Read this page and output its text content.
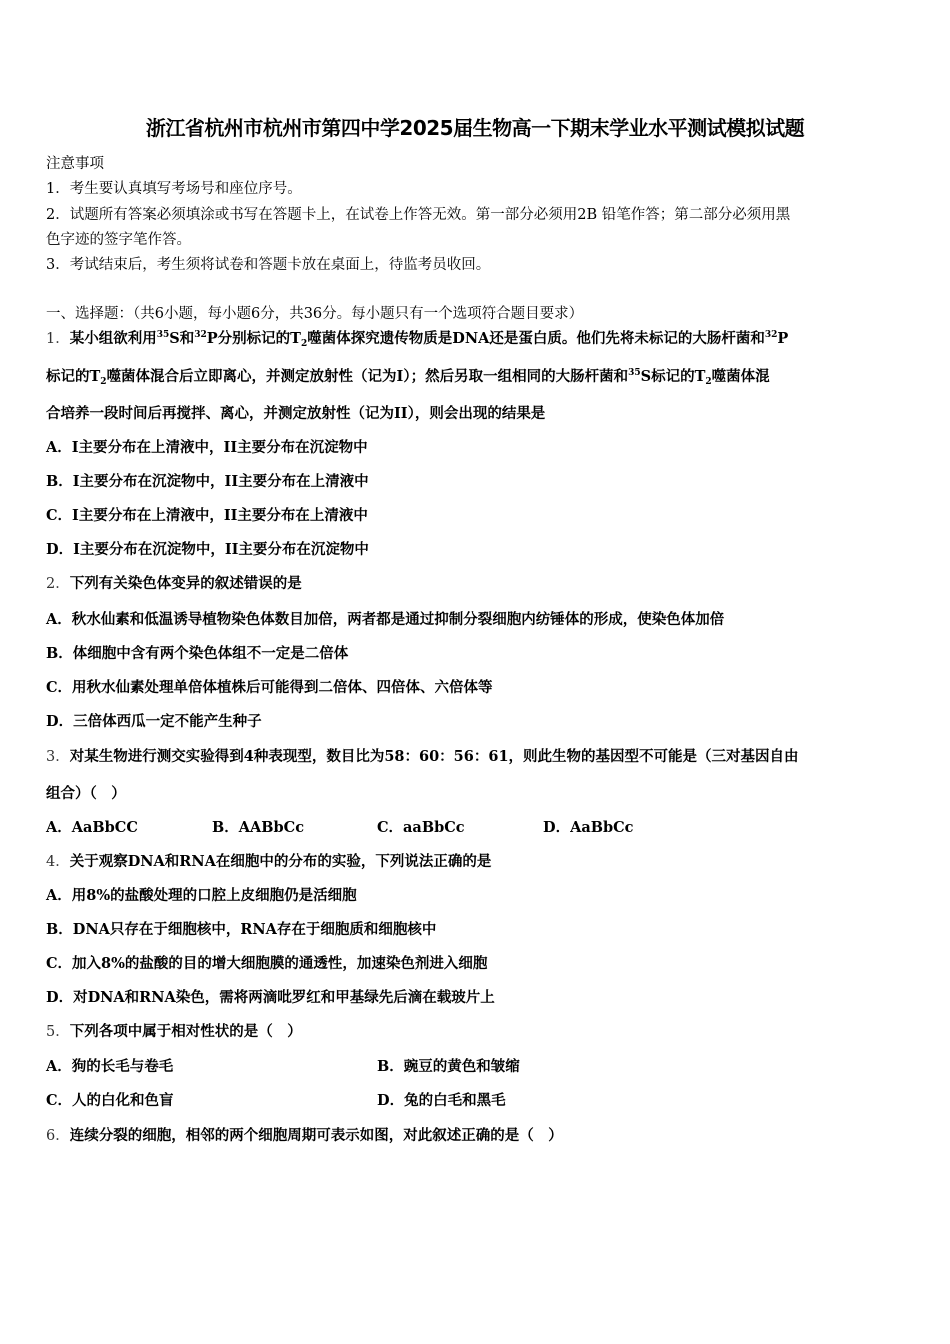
浙江省杭州市杭州市第四中学2025届生物高一下期末学业水平测试模拟试题
注意事项
1．考生要认真填写考场号和座位序号。
2．试题所有答案必须填涂或书写在答题卡上，在试卷上作答无效。第一部分必须用2B 铅笔作答；第二部分必须用黑
色字迹的签字笔作答。
3．考试结束后，考生须将试卷和答题卡放在桌面上，待监考员收回。
一、选择题：（共6小题，每小题6分，共36分。每小题只有一个选项符合题目要求）
1．某小组欲利用$^{35}$S和$^{32}$P分别标记的$T_2$噬菌体探究遗传物质是DNA还是蛋白质。他们先将未标记的大肠杆菌和$^{32}$P
标记的$T_2$噬菌体混合后立即离心，并测定放射性（记为I）；然后另取一组相同的大肠杆菌和$^{35}$S标记的$T_2$噬菌体混
合培养一段时间后再搅拌、离心，并测定放射性（记为II），则会出现的结果是
A．I主要分布在上清液中，II主要分布在沉淀物中
B．I主要分布在沉淀物中，II主要分布在上清液中
C．I主要分布在上清液中，II主要分布在上清液中
D．I主要分布在沉淀物中，II主要分布在沉淀物中
2．下列有关染色体变异的叙述错误的是
A．秋水仙素和低温诱导植物染色体数目加倍，两者都是通过抑制分裂细胞内纺锤体的形成，使染色体加倍
B．体细胞中含有两个染色体组不一定是二倍体
C．用秋水仙素处理单倍体植株后可能得到二倍体、四倍体、六倍体等
D．三倍体西瓜一定不能产生种子
3．对某生物进行测交实验得到4种表现型，数目比为58：60：56：61，则此生物的基因型不可能是（三对基因自由
组合）（　）
A．AaBbCC	B．AABbCc	C．aaBbCc	D．AaBbCc
4．关于观察DNA和RNA在细胞中的分布的实验，下列说法正确的是
A．用8%的盐酸处理的口腔上皮细胞仍是活细胞
B．DNA只存在于细胞核中，RNA存在于细胞质和细胞核中
C．加入8%的盐酸的目的增大细胞膜的通透性，加速染色剂进入细胞
D．对DNA和RNA染色，需将两滴吡罗红和甲基绿先后滴在载玻片上
5．下列各项中属于相对性状的是（　）
A．狗的长毛与卷毛	B．豌豆的黄色和皱缩
C．人的白化和色盲	D．兔的白毛和黑毛
6．连续分裂的细胞，相邻的两个细胞周期可表示如图，对此叙述正确的是（　）
